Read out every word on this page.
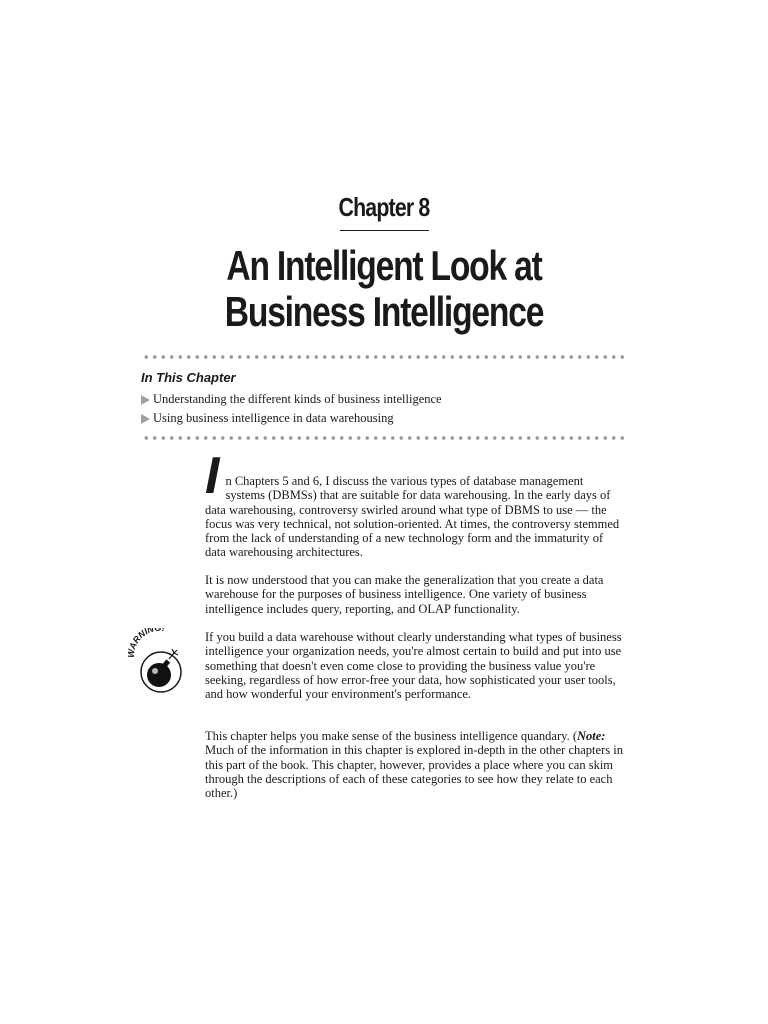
Chapter 8
An Intelligent Look at
Business Intelligence
In This Chapter
Understanding the different kinds of business intelligence
Using business intelligence in data warehousing

In Chapters 5 and 6, I discuss the various types of database management systems (DBMSs) that are suitable for data warehousing. In the early days of data warehousing, controversy swirled around what type of DBMS to use — the focus was very technical, not solution-oriented. At times, the controversy stemmed from the lack of understanding of a new technology form and the immaturity of data warehousing architectures.

It is now understood that you can make the generalization that you create a data warehouse for the purposes of business intelligence. One variety of business intelligence includes query, reporting, and OLAP functionality.

ARNIN

If you build a data warehouse without clearly understanding what types of business intelligence your organization needs, you're almost certain to build and put into use something that doesn't even come close to providing the business value you're seeking, regardless of how error-free your data, how sophisticated your user tools, and how wonderful your environment's performance.

This chapter helps you make sense of the business intelligence quandary. (Note: Much of the information in this chapter is explored in-depth in the other chapters in this part of the book. This chapter, however, provides a place where you can skim through the descriptions of each of these categories to see how they relate to each other.)
